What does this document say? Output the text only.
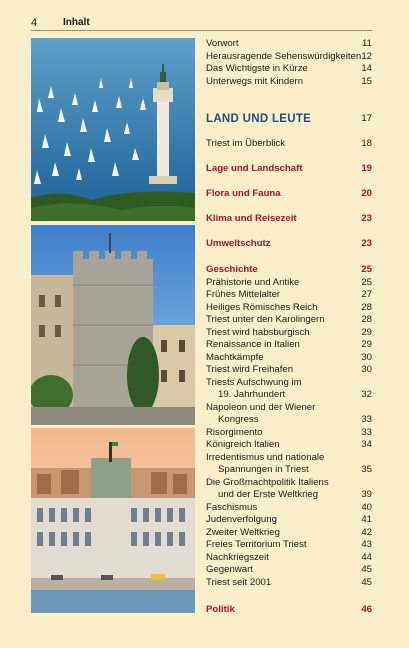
4	Inhalt
Vorwort	11
Herausragende Sehenswürdigkeiten 12
Das Wichtigste in Kürze	14
Unterwegs mit Kindern	15
LAND UND LEUTE	17
Triest im Überblick	18
Lage und Landschaft	19
Flora und Fauna	20
Klima und Reisezeit	23
Umweltschutz	23
Geschichte	25
Prähistorie und Antike	25
Frühes Mittelalter	27
Heiliges Römisches Reich	28
Triest unter den Karolingern	28
Triest wird habsburgisch	29
Renaissance in Italien	29
Machtkämpfe	30
Triest wird Freihafen	30
Triests Aufschwung im
19. Jahrhundert	32
Napoleon und der Wiener
Kongress	33
Risorgimento	33
Königreich Italien	34
Irredentismus und nationale
Spannungen in Triest	35
Die Großmachtpolitik Italiens
und der Erste Weltkrieg	39
Faschismus	40
Judenverfolgung	41
Zweiter Weltkrieg	42
Freies Territorium Triest	43
Nachkriegszeit	44
Gegenwart	45
Triest seit 2001	45
Politik	46
